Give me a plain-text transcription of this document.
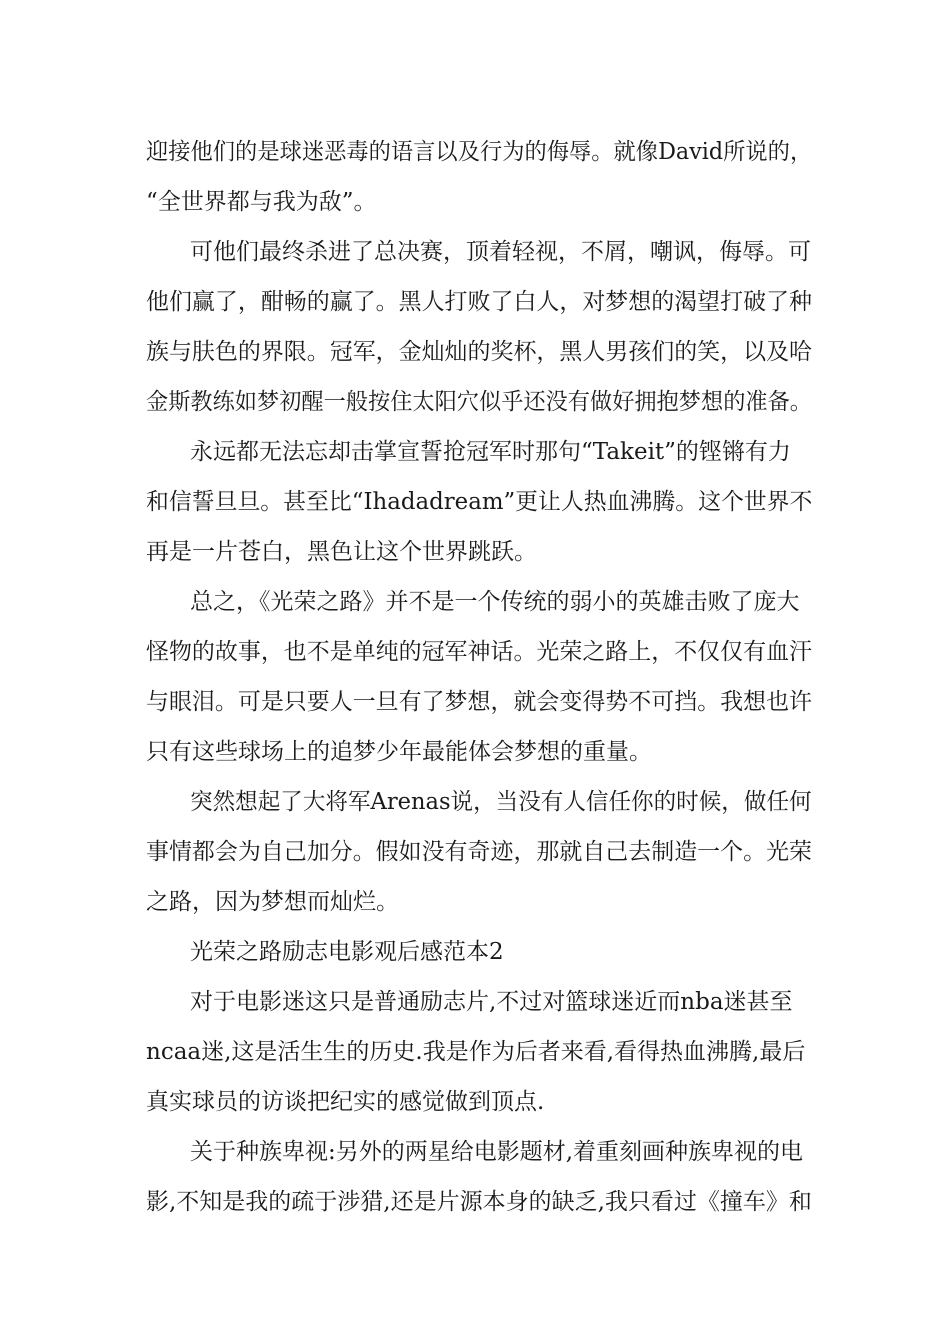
迎接他们的是球迷恶毒的语言以及行为的侮辱。就像David所说的，
“全世界都与我为敌”。
可他们最终杀进了总决赛，顶着轻视，不屑，嘲讽，侮辱。可
他们赢了，酣畅的赢了。黑人打败了白人，对梦想的渴望打破了种
族与肤色的界限。冠军，金灿灿的奖杯，黑人男孩们的笑，以及哈
金斯教练如梦初醒一般按住太阳穴似乎还没有做好拥抱梦想的准备。
永远都无法忘却击掌宣誓抢冠军时那句“Takeit”的铿锵有力
和信誓旦旦。甚至比“Ihadadream”更让人热血沸腾。这个世界不
再是一片苍白，黑色让这个世界跳跃。
总之，《光荣之路》并不是一个传统的弱小的英雄击败了庞大
怪物的故事，也不是单纯的冠军神话。光荣之路上，不仅仅有血汗
与眼泪。可是只要人一旦有了梦想，就会变得势不可挡。我想也许
只有这些球场上的追梦少年最能体会梦想的重量。
突然想起了大将军Arenas说，当没有人信任你的时候，做任何
事情都会为自己加分。假如没有奇迹，那就自己去制造一个。光荣
之路，因为梦想而灿烂。
光荣之路励志电影观后感范本2
对于电影迷这只是普通励志片,不过对篮球迷近而nba迷甚至
ncaa迷,这是活生生的历史.我是作为后者来看,看得热血沸腾,最后
真实球员的访谈把纪实的感觉做到顶点.
关于种族卑视:另外的两星给电影题材,着重刻画种族卑视的电
影,不知是我的疏于涉猎,还是片源本身的缺乏,我只看过《撞车》和
